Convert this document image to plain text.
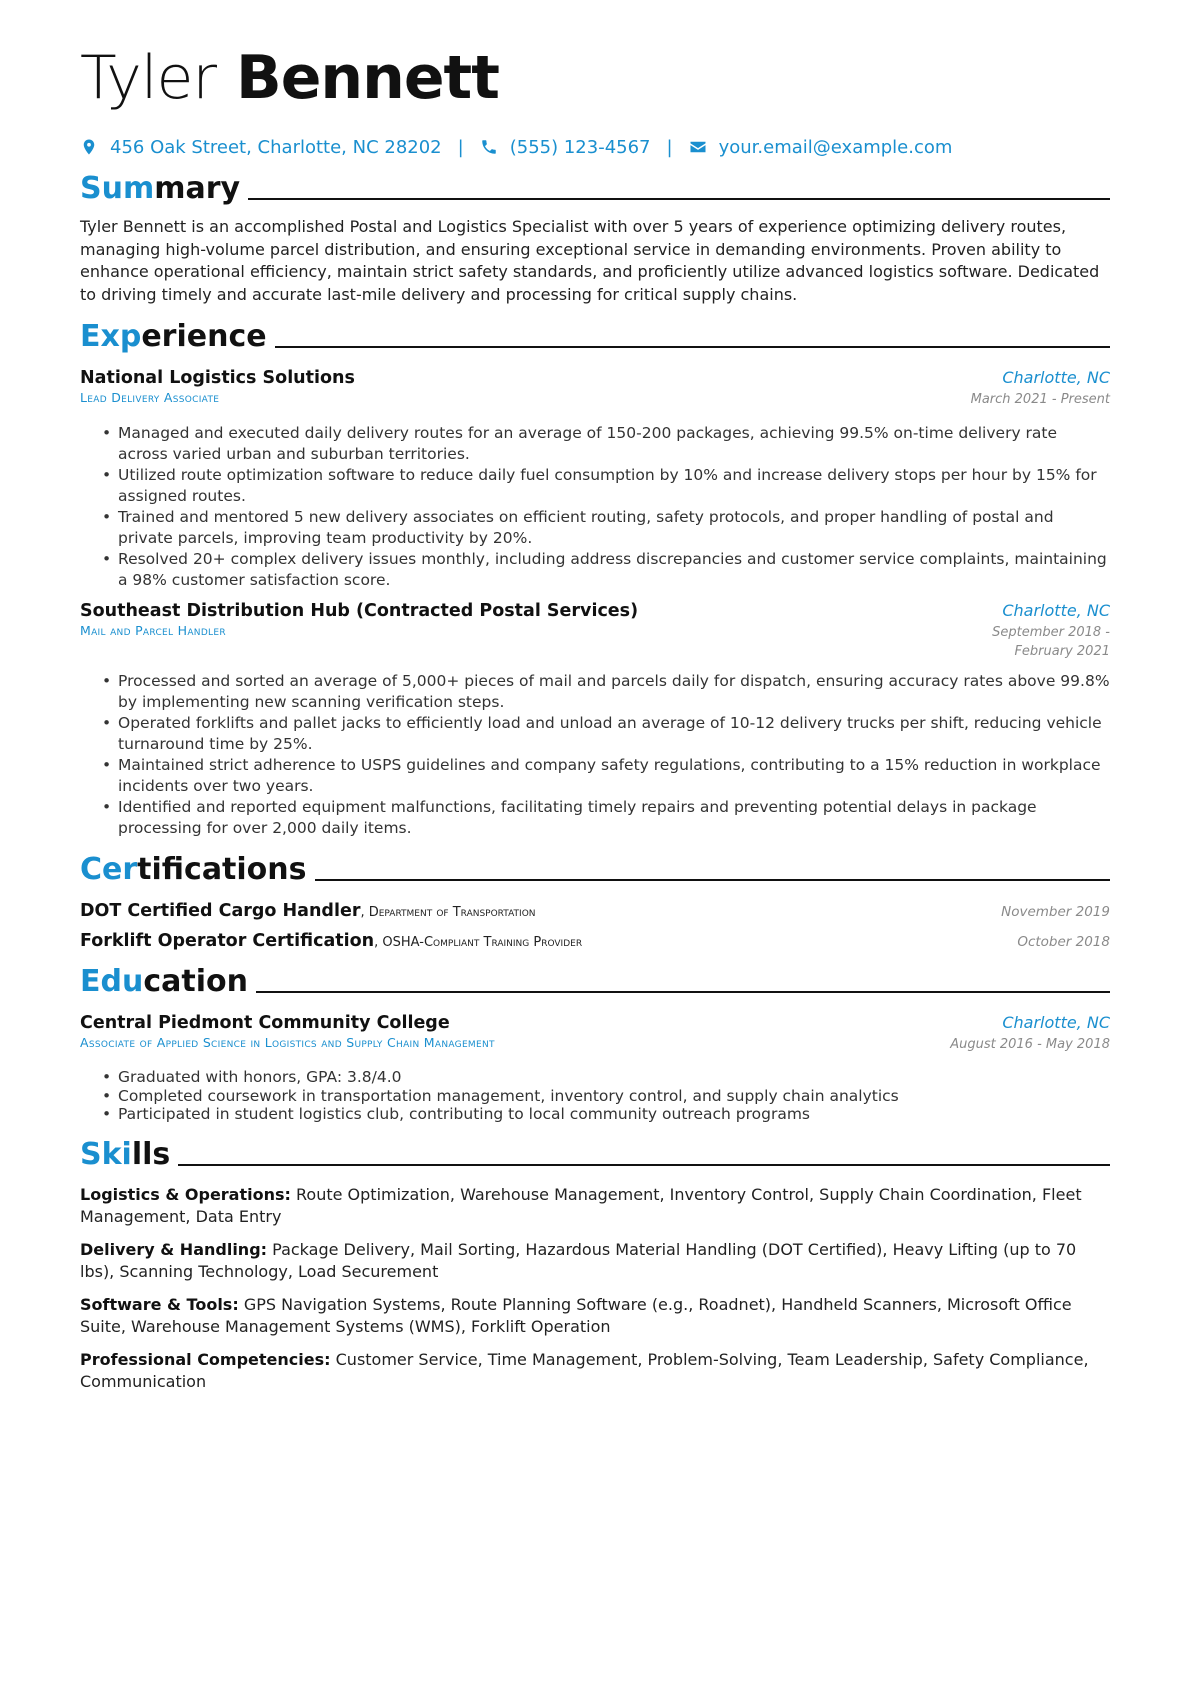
Tyler Bennett
456 Oak Street, Charlotte, NC 28202 |	(555) 123-4567 |	your.email@example.com
Summary

Tyler Bennett is an accomplished Postal and Logistics Specialist with over 5 years of experience optimizing delivery routes, managing high-volume parcel distribution, and ensuring exceptional service in demanding environments. Proven ability to enhance operational efficiency, maintain strict safety standards, and proficiently utilize advanced logistics software. Dedicated to driving timely and accurate last-mile delivery and processing for critical supply chains.

Experience
National Logistics Solutions	Charlotte, NC
Lead Delivery Associate	March 2021 - Present
• Managed and executed daily delivery routes for an average of 150-200 packages, achieving 99.5% on-time delivery rate across varied urban and suburban territories.
• Utilized route optimization software to reduce daily fuel consumption by 10% and increase delivery stops per hour by 15% for assigned routes.
• Trained and mentored 5 new delivery associates on efficient routing, safety protocols, and proper handling of postal and private parcels, improving team productivity by 20%.
• Resolved 20+ complex delivery issues monthly, including address discrepancies and customer service complaints, maintaining a 98% customer satisfaction score.
Southeast Distribution Hub (Contracted Postal Services)	Charlotte, NC
Mail and Parcel Handler	September 2018 - February 2021
• Processed and sorted an average of 5,000+ pieces of mail and parcels daily for dispatch, ensuring accuracy rates above 99.8% by implementing new scanning verification steps.
• Operated forklifts and pallet jacks to efficiently load and unload an average of 10-12 delivery trucks per shift, reducing vehicle turnaround time by 25%.
• Maintained strict adherence to USPS guidelines and company safety regulations, contributing to a 15% reduction in workplace incidents over two years.
• Identified and reported equipment malfunctions, facilitating timely repairs and preventing potential delays in package processing for over 2,000 daily items.
Certifications
DOT Certified Cargo Handler, Department of Transportation	November 2019
Forklift Operator Certification, OSHA-Compliant Training Provider	October 2018
Education
Central Piedmont Community College	Charlotte, NC
Associate of Applied Science in Logistics and Supply Chain Management	August 2016 - May 2018
• Graduated with honors, GPA: 3.8/4.0
• Completed coursework in transportation management, inventory control, and supply chain analytics
• Participated in student logistics club, contributing to local community outreach programs
Skills
Logistics & Operations: Route Optimization, Warehouse Management, Inventory Control, Supply Chain Coordination, Fleet Management, Data Entry
Delivery & Handling: Package Delivery, Mail Sorting, Hazardous Material Handling (DOT Certified), Heavy Lifting (up to 70 lbs), Scanning Technology, Load Securement
Software & Tools: GPS Navigation Systems, Route Planning Software (e.g., Roadnet), Handheld Scanners, Microsoft Office Suite, Warehouse Management Systems (WMS), Forklift Operation
Professional Competencies: Customer Service, Time Management, Problem-Solving, Team Leadership, Safety Compliance, Communication
